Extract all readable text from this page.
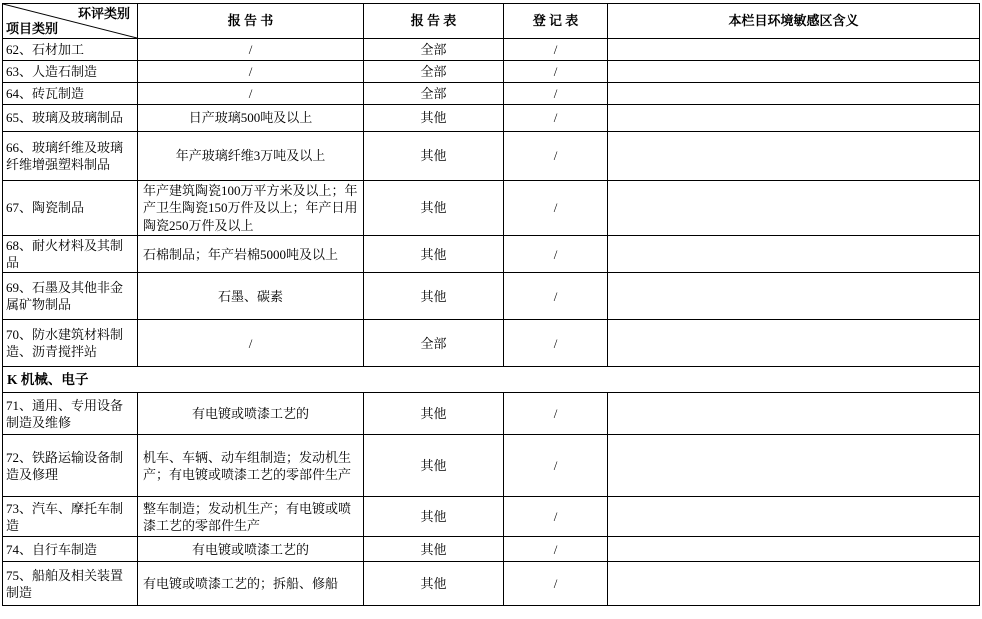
环评类别
项目类别	报 告 书	报 告 表	登 记 表	本栏目环境敏感区含义
62、石材加工	/	全部	/	
63、人造石制造	/	全部	/	
64、砖瓦制造	/	全部	/	
65、玻璃及玻璃制品	日产玻璃500吨及以上	其他	/	
66、玻璃纤维及玻璃纤维增强塑料制品	年产玻璃纤维3万吨及以上	其他	/	
67、陶瓷制品	年产建筑陶瓷100万平方米及以上；年产卫生陶瓷150万件及以上；年产日用陶瓷250万件及以上	其他	/	
68、耐火材料及其制品	石棉制品；年产岩棉5000吨及以上	其他	/	
69、石墨及其他非金属矿物制品	石墨、碳素	其他	/	
70、防水建筑材料制造、沥青搅拌站	/	全部	/	
K 机械、电子				
71、通用、专用设备制造及维修	有电镀或喷漆工艺的	其他	/	
72、铁路运输设备制造及修理	机车、车辆、动车组制造；发动机生产；有电镀或喷漆工艺的零部件生产	其他	/	
73、汽车、摩托车制造	整车制造；发动机生产；有电镀或喷漆工艺的零部件生产	其他	/	
74、自行车制造	有电镀或喷漆工艺的	其他	/	
75、船舶及相关装置制造	有电镀或喷漆工艺的；拆船、修船	其他	/	
